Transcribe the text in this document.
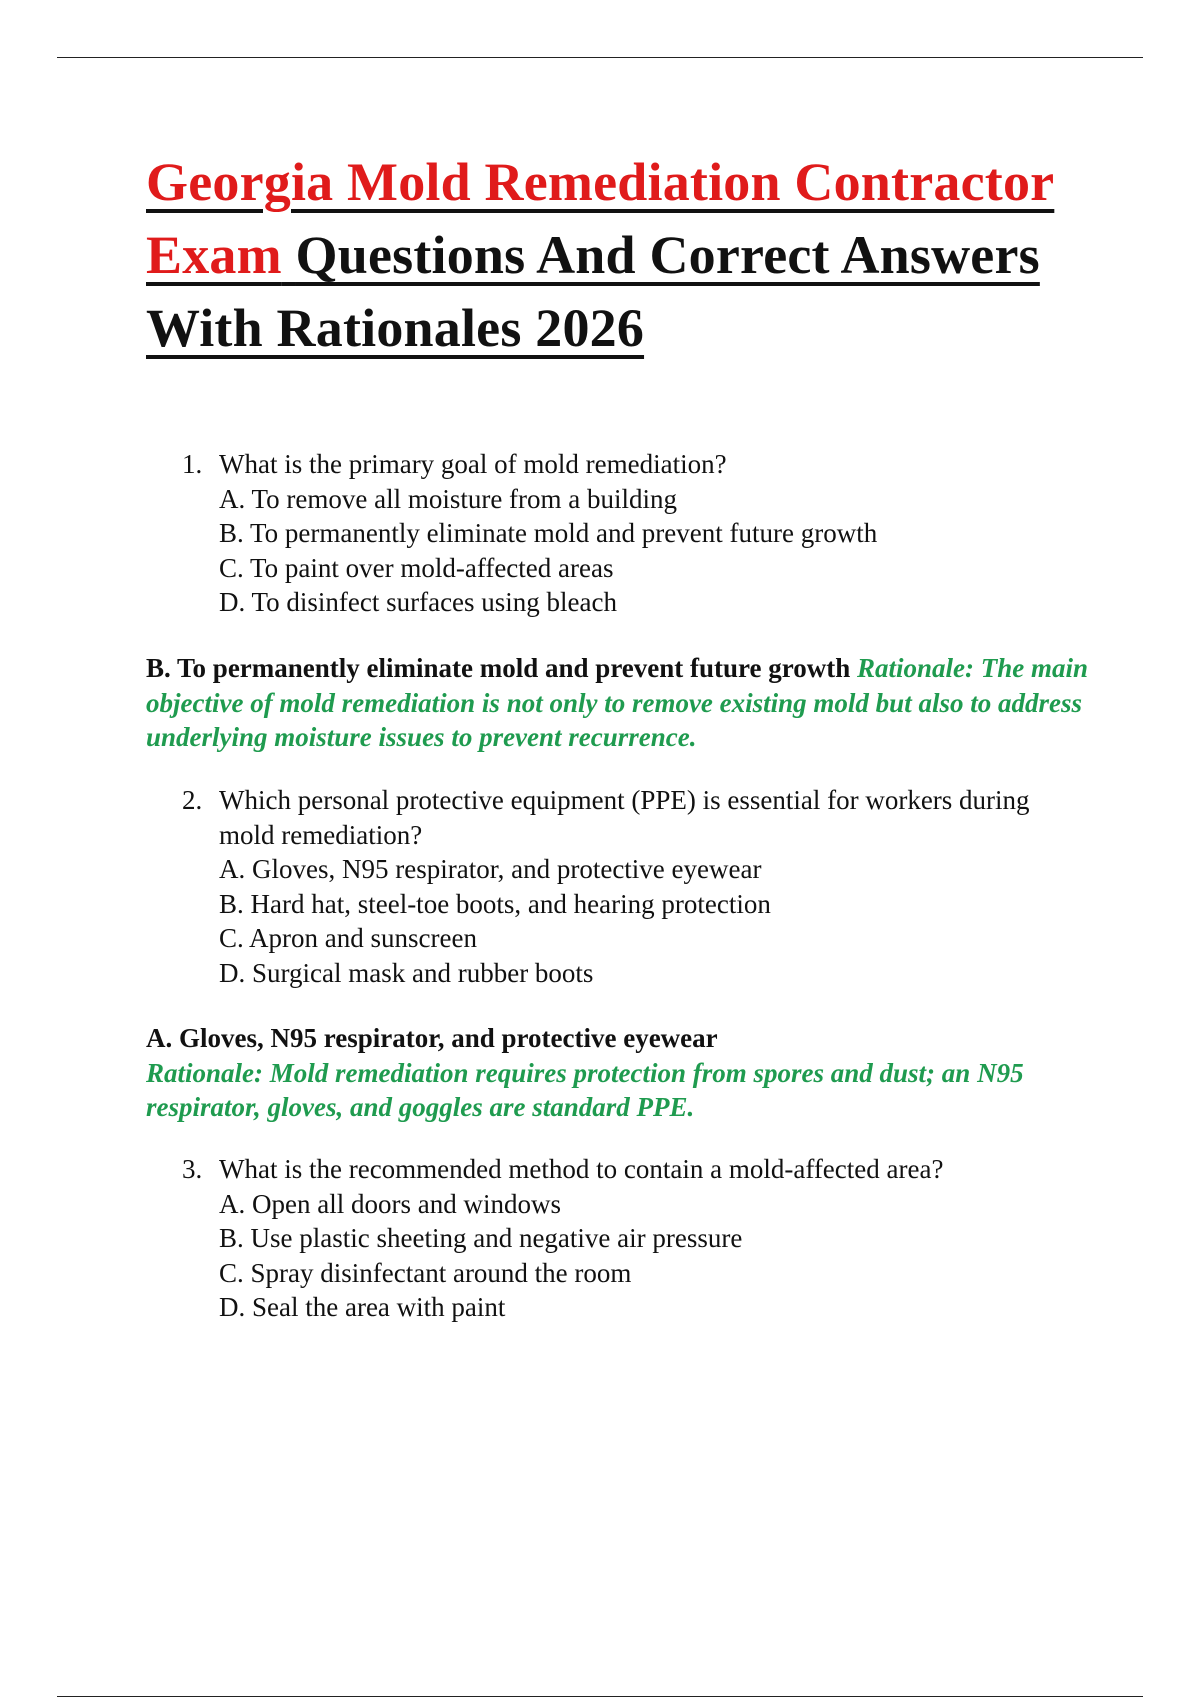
Georgia Mold Remediation Contractor Exam Questions And Correct Answers With Rationales 2026
1. What is the primary goal of mold remediation?
A. To remove all moisture from a building
B. To permanently eliminate mold and prevent future growth
C. To paint over mold-affected areas
D. To disinfect surfaces using bleach

B. To permanently eliminate mold and prevent future growth Rationale: The main objective of mold remediation is not only to remove existing mold but also to address underlying moisture issues to prevent recurrence.

2. Which personal protective equipment (PPE) is essential for workers during mold remediation?
A. Gloves, N95 respirator, and protective eyewear
B. Hard hat, steel-toe boots, and hearing protection
C. Apron and sunscreen
D. Surgical mask and rubber boots

A. Gloves, N95 respirator, and protective eyewear
Rationale: Mold remediation requires protection from spores and dust; an N95 respirator, gloves, and goggles are standard PPE.

3. What is the recommended method to contain a mold-affected area?
A. Open all doors and windows
B. Use plastic sheeting and negative air pressure
C. Spray disinfectant around the room
D. Seal the area with paint
